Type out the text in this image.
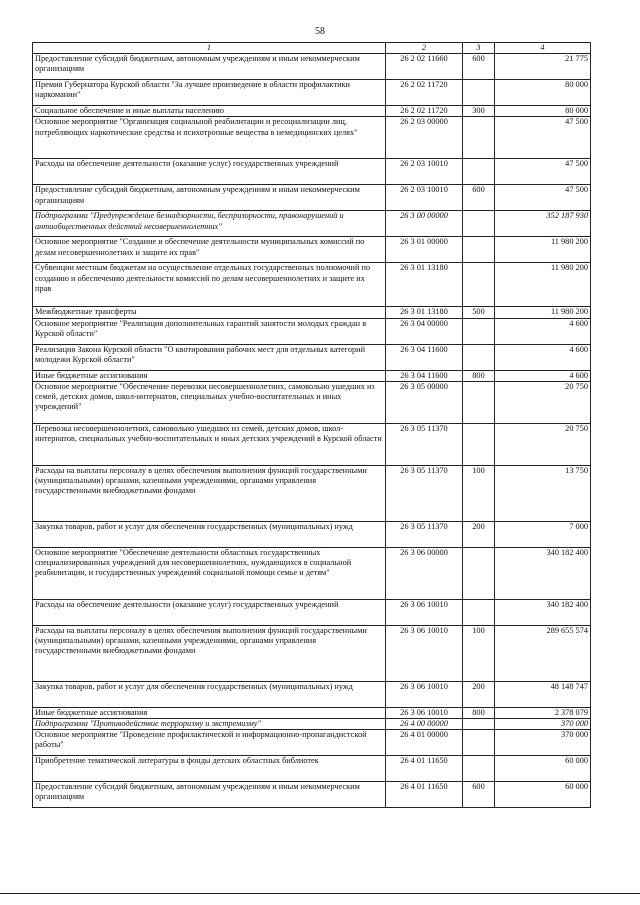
58
1	2	3	4
Предоставление субсидий бюджетным, автономным учреждениям и иным некоммерческим организациям	26 2 02 11660	600	21 775
Премия Губернатора Курской области "За лучшее произведение в области профилактики наркомании"	26 2 02 11720		80 000
Социальное обеспечение и иные выплаты населению	26 2 02 11720	300	80 000
Основное мероприятие "Организация социальной реабилитации и ресоциализации лиц, потребляющих наркотические средства и психотропные вещества в немедицинских целях"	26 2 03 00000		47 500
Расходы на обеспечение деятельности (оказание услуг) государственных учреждений	26 2 03 10010		47 500
Предоставление субсидий бюджетным, автономным учреждениям и иным некоммерческим организациям	26 2 03 10010	600	47 500
Подпрограмма "Предупреждение безнадзорности, беспризорности, правонарушений и антиобщественных действий несовершеннолетних"	26 3 00 00000		352 187 930
Основное мероприятие "Создание и обеспечение деятельности муниципальных комиссий по делам несовершеннолетних и защите их прав"	26 3 01 00000		11 980 200
Субвенции местным бюджетам на осуществление отдельных государственных полномочий по созданию и обеспечению деятельности комиссий по делам несовершеннолетних и защите их прав	26 3 01 13180		11 980 200
Межбюджетные трансферты	26 3 01 13180	500	11 980 200
Основное мероприятие "Реализация дополнительных гарантий занятости молодых граждан в Курской области"	26 3 04 00000		4 600
Реализация Закона Курской области "О квотировании рабочих мест для отдельных категорий молодежи Курской области"	26 3 04 11600		4 600
Иные бюджетные ассигнования	26 3 04 11600	800	4 600
Основное мероприятие "Обеспечение перевозки несовершеннолетних, самовольно ушедших из семей, детских домов, школ-интернатов, специальных учебно-воспитательных и иных учреждений"	26 3 05 00000		20 750
Перевозка несовершеннолетних, самовольно ушедших из семей, детских домов, школ-интернатов, специальных учебно-воспитательных и иных детских учреждений в Курской области	26 3 05 11370		20 750
Расходы на выплаты персоналу в целях обеспечения выполнения функций государственными (муниципальными) органами, казенными учреждениями, органами управления государственными внебюджетными фондами	26 3 05 11370	100	13 750
Закупка товаров, работ и услуг для обеспечения государственных (муниципальных) нужд	26 3 05 11370	200	7 000
Основное мероприятие "Обеспечение деятельности областных государственных специализированных учреждений для несовершеннолетних, нуждающихся в социальной реабилитации, и государственных учреждений социальной помощи семье и детям"	26 3 06 00000		340 182 400
Расходы на обеспечение деятельности (оказание услуг) государственных учреждений	26 3 06 10010		340 182 400
Расходы на выплаты персоналу в целях обеспечения выполнения функций государственными (муниципальными) органами, казенными учреждениями, органами управления государственными внебюджетными фондами	26 3 06 10010	100	289 655 574
Закупка товаров, работ и услуг для обеспечения государственных (муниципальных) нужд	26 3 06 10010	200	48 148 747
Иные бюджетные ассигнования	26 3 06 10010	800	2 378 079
Подпрограмма "Противодействие терроризму и экстремизму"	26 4 00 00000		370 000
Основное мероприятие "Проведение профилактической и информационно-пропагандистской работы"	26 4 01 00000		370 000
Приобретение тематической литературы в фонды детских областных библиотек	26 4 01 11650		60 000
Предоставление субсидий бюджетным, автономным учреждениям и иным некоммерческим организациям	26 4 01 11650	600	60 000
